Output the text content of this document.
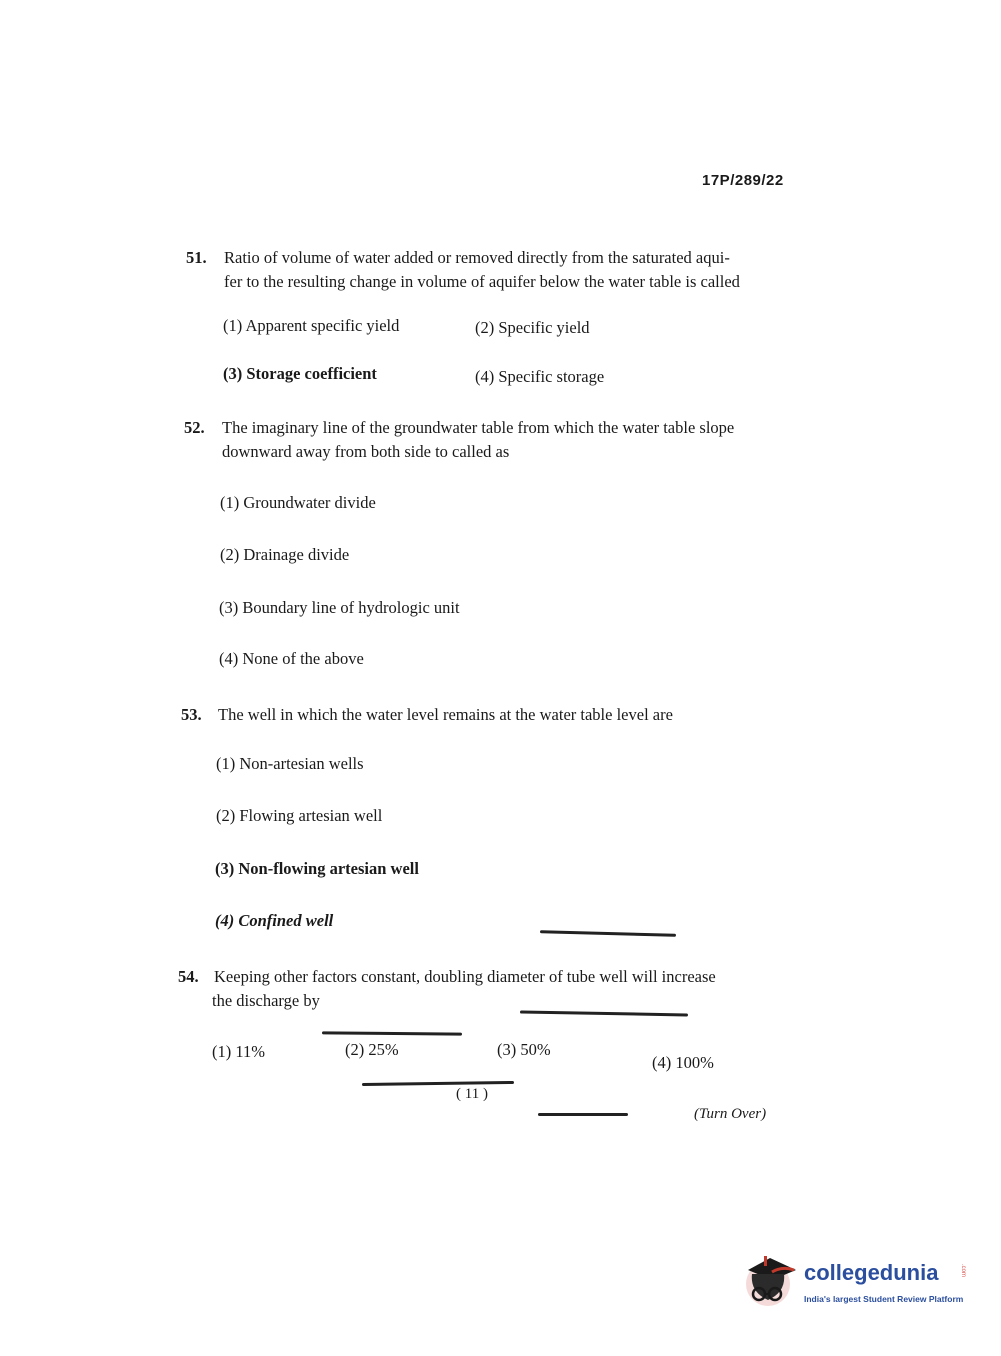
17P/289/22
51. Ratio of volume of water added or removed directly from the saturated aqui-
fer to the resulting change in volume of aquifer below the water table is called
(1) Apparent specific yield	(2) Specific yield
(3) Storage coefficient	(4) Specific storage
52. The imaginary line of the groundwater table from which the water table slope
downward away from both side to called as
(1) Groundwater divide
(2) Drainage divide
(3) Boundary line of hydrologic unit
(4) None of the above
53. The well in which the water level remains at the water table level are
(1) Non-artesian wells
(2) Flowing artesian well
(3) Non-flowing artesian well
(4) Confined well
54. Keeping other factors constant, doubling diameter of tube well will increase
the discharge by
(1) 11%	(2) 25%	(3) 50%
(4) 100%
( 11 )
(Turn Over)
collegedunia	.com
India's largest Student Review Platform
